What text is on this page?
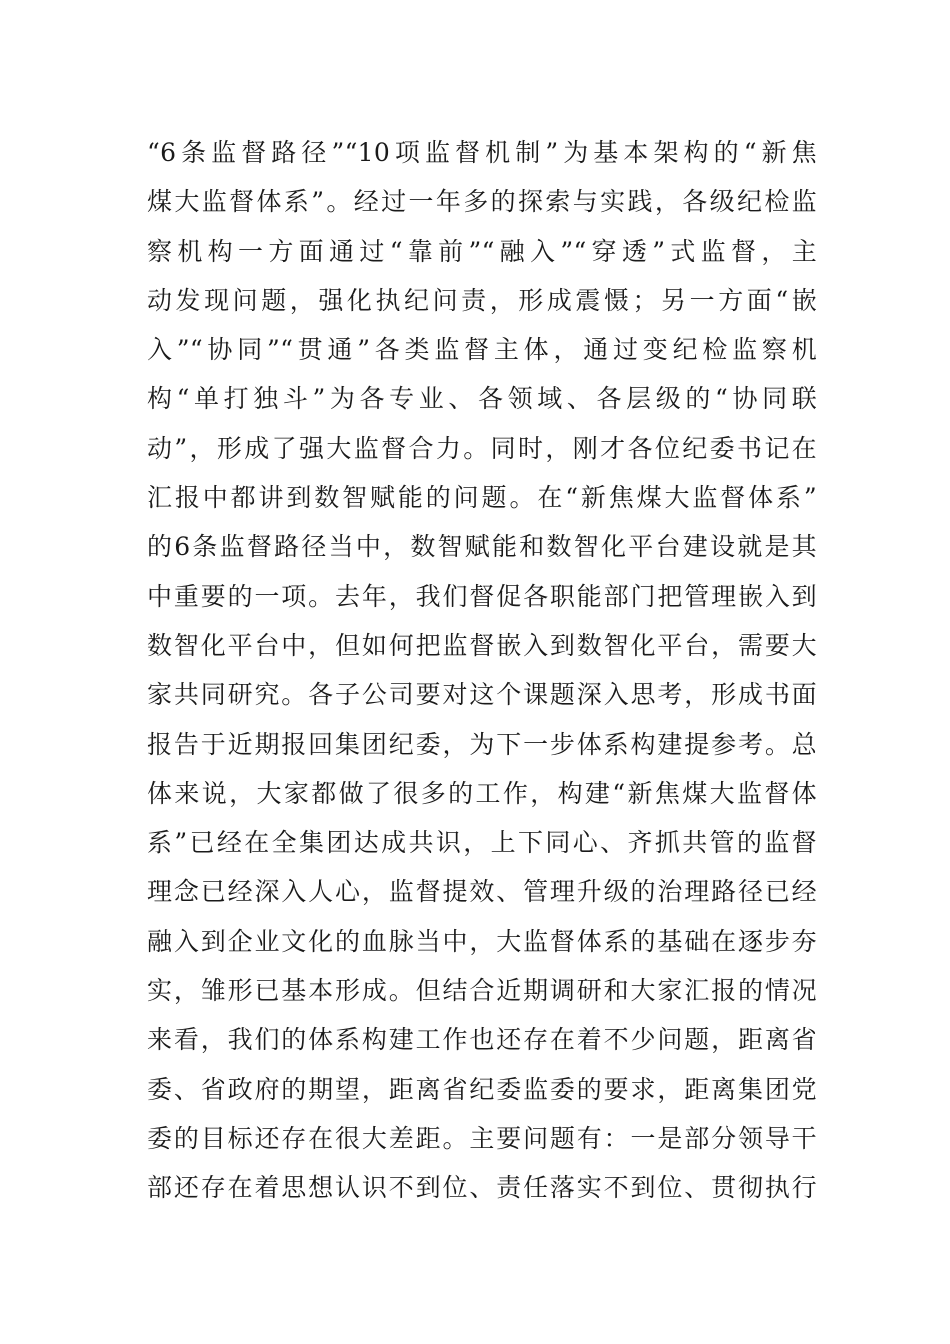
“6条监督路径”“10项监督机制”为基本架构的“新焦
煤大监督体系”。经过一年多的探索与实践，各级纪检监
察机构一方面通过“靠前”“融入”“穿透”式监督，主
动发现问题，强化执纪问责，形成震慑；另一方面“嵌
入”“协同”“贯通”各类监督主体，通过变纪检监察机
构“单打独斗”为各专业、各领域、各层级的“协同联
动”，形成了强大监督合力。同时，刚才各位纪委书记在
汇报中都讲到数智赋能的问题。在“新焦煤大监督体系”
的6条监督路径当中，数智赋能和数智化平台建设就是其
中重要的一项。去年，我们督促各职能部门把管理嵌入到
数智化平台中，但如何把监督嵌入到数智化平台，需要大
家共同研究。各子公司要对这个课题深入思考，形成书面
报告于近期报回集团纪委，为下一步体系构建提参考。总
体来说，大家都做了很多的工作，构建“新焦煤大监督体
系”已经在全集团达成共识，上下同心、齐抓共管的监督
理念已经深入人心，监督提效、管理升级的治理路径已经
融入到企业文化的血脉当中，大监督体系的基础在逐步夯
实，雏形已基本形成。但结合近期调研和大家汇报的情况
来看，我们的体系构建工作也还存在着不少问题，距离省
委、省政府的期望，距离省纪委监委的要求，距离集团党
委的目标还存在很大差距。主要问题有：一是部分领导干
部还存在着思想认识不到位、责任落实不到位、贯彻执行
